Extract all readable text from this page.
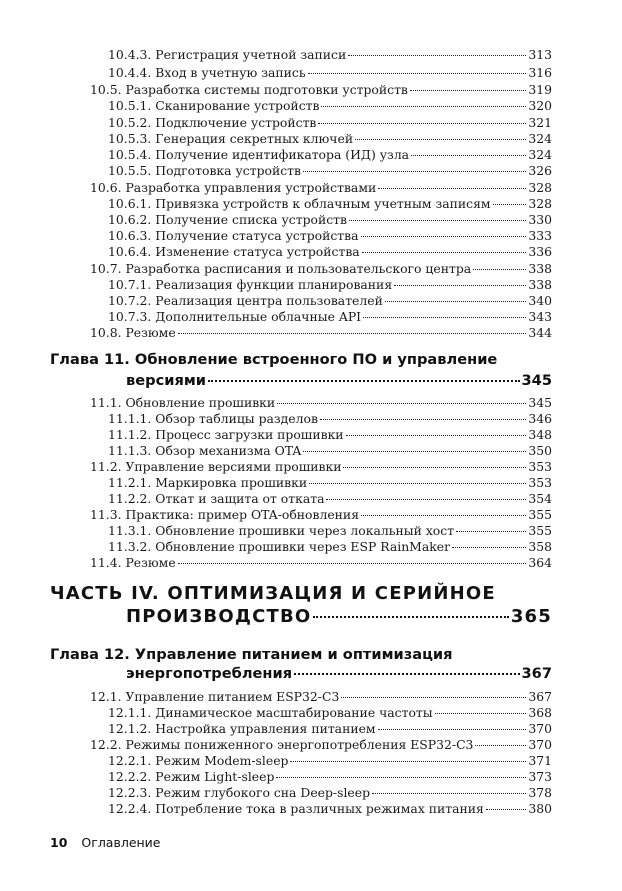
10.4.3. Регистрация учетной записи	313
10.4.4. Вход в учетную запись	316
10.5. Разработка системы подготовки устройств	319
10.5.1. Сканирование устройств	320
10.5.2. Подключение устройств	321
10.5.3. Генерация секретных ключей	324
10.5.4. Получение идентификатора (ИД) узла	324
10.5.5. Подготовка устройств	326
10.6. Разработка управления устройствами	328
10.6.1. Привязка устройств к облачным учетным записям	328
10.6.2. Получение списка устройств	330
10.6.3. Получение статуса устройства	333
10.6.4. Изменение статуса устройства	336
10.7. Разработка расписания и пользовательского центра	338
10.7.1. Реализация функции планирования	338
10.7.2. Реализация центра пользователей	340
10.7.3. Дополнительные облачные API	343
10.8. Резюме	344
Глава 11. Обновление встроенного ПО и управление
версиями	345
11.1. Обновление прошивки	345
11.1.1. Обзор таблицы разделов	346
11.1.2. Процесс загрузки прошивки	348
11.1.3. Обзор механизма OTA	350
11.2. Управление версиями прошивки	353
11.2.1. Маркировка прошивки	353
11.2.2. Откат и защита от отката	354
11.3. Практика: пример OTA-обновления	355
11.3.1. Обновление прошивки через локальный хост	355
11.3.2. Обновление прошивки через ESP RainMaker	358
11.4. Резюме	364
ЧАСТЬ IV. ОПТИМИЗАЦИЯ И СЕРИЙНОЕ
ПРОИЗВОДСТВО	365
Глава 12. Управление питанием и оптимизация
энергопотребления	367
12.1. Управление питанием ESP32-C3	367
12.1.1. Динамическое масштабирование частоты	368
12.1.2. Настройка управления питанием	370
12.2. Режимы пониженного энергопотребления ESP32-C3	370
12.2.1. Режим Modem-sleep	371
12.2.2. Режим Light-sleep	373
12.2.3. Режим глубокого сна Deep-sleep	378
12.2.4. Потребление тока в различных режимах питания	380
10 Оглавление
